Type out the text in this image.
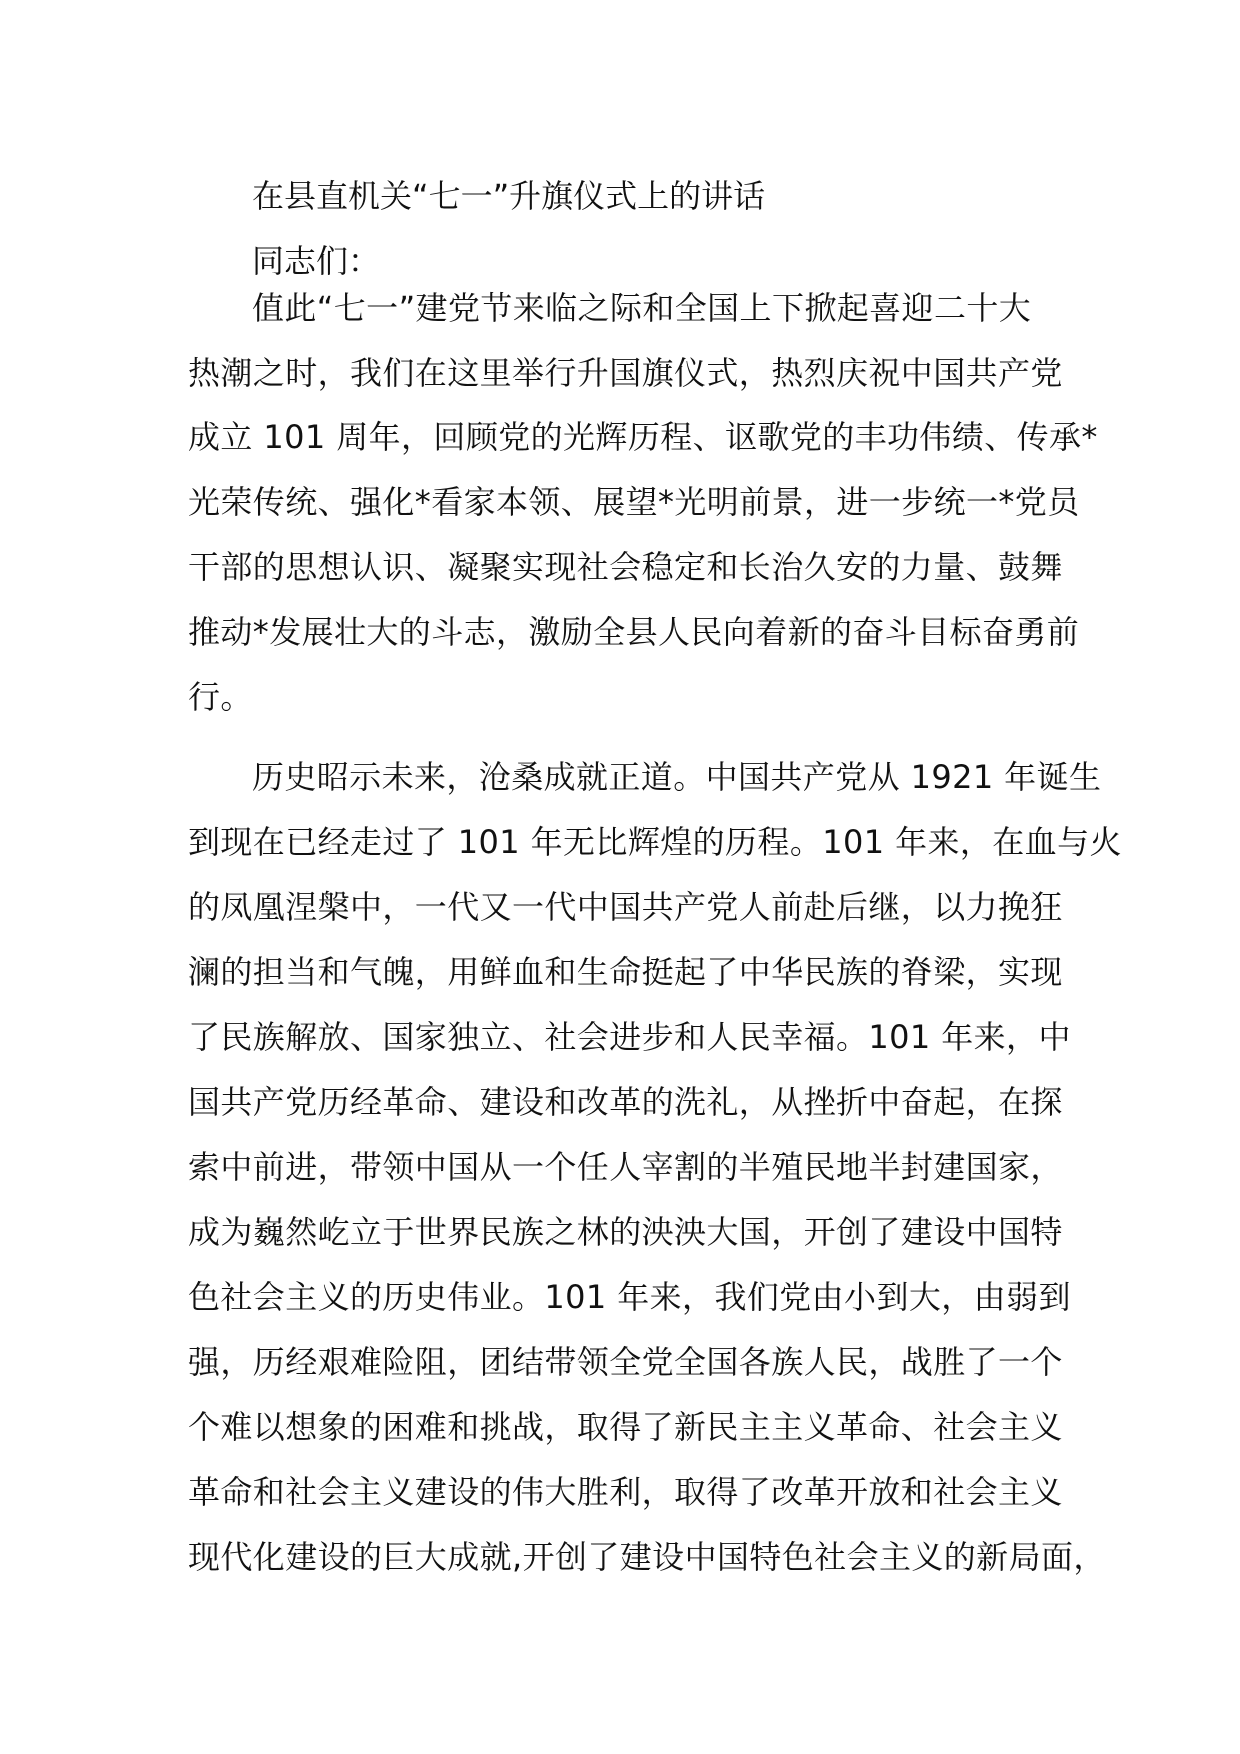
在县直机关“七一”升旗仪式上的讲话
同志们：
值此“七一”建党节来临之际和全国上下掀起喜迎二十大
热潮之时，我们在这里举行升国旗仪式，热烈庆祝中国共产党
成立 101 周年，回顾党的光辉历程、讴歌党的丰功伟绩、传承*
光荣传统、强化*看家本领、展望*光明前景，进一步统一*党员
干部的思想认识、凝聚实现社会稳定和长治久安的力量、鼓舞
推动*发展壮大的斗志，激励全县人民向着新的奋斗目标奋勇前
行。
历史昭示未来，沧桑成就正道。中国共产党从 1921 年诞生
到现在已经走过了 101 年无比辉煌的历程。101 年来，在血与火
的凤凰涅槃中，一代又一代中国共产党人前赴后继，以力挽狂
澜的担当和气魄，用鲜血和生命挺起了中华民族的脊梁，实现
了民族解放、国家独立、社会进步和人民幸福。101 年来，中
国共产党历经革命、建设和改革的洗礼，从挫折中奋起，在探
索中前进，带领中国从一个任人宰割的半殖民地半封建国家，
成为巍然屹立于世界民族之林的泱泱大国，开创了建设中国特
色社会主义的历史伟业。101 年来，我们党由小到大，由弱到
强，历经艰难险阻，团结带领全党全国各族人民，战胜了一个
个难以想象的困难和挑战，取得了新民主主义革命、社会主义
革命和社会主义建设的伟大胜利，取得了改革开放和社会主义
现代化建设的巨大成就,开创了建设中国特色社会主义的新局面，
